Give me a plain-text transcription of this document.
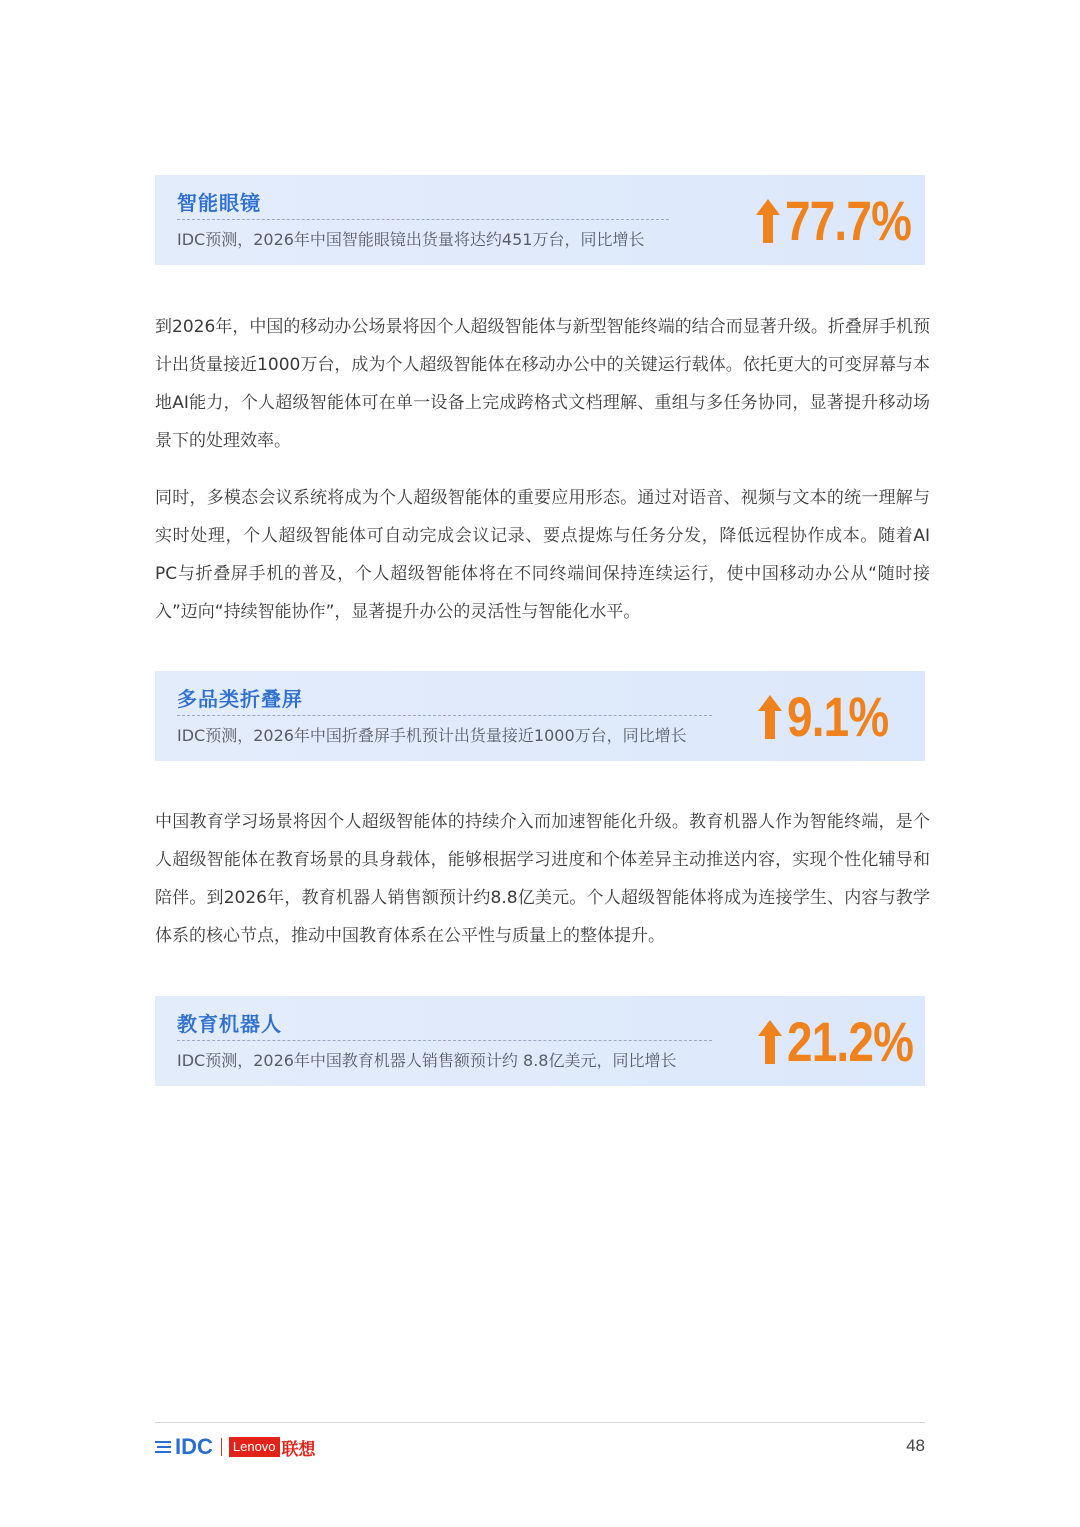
智能眼镜
IDC预测，2026年中国智能眼镜出货量将达约451万台，同比增长	77.7%

到2026年，中国的移动办公场景将因个人超级智能体与新型智能终端的结合而显著升级。折叠屏手机预计出货量接近1000万台，成为个人超级智能体在移动办公中的关键运行载体。依托更大的可变屏幕与本地AI能力，个人超级智能体可在单一设备上完成跨格式文档理解、重组与多任务协同，显著提升移动场景下的处理效率。

同时，多模态会议系统将成为个人超级智能体的重要应用形态。通过对语音、视频与文本的统一理解与实时处理，个人超级智能体可自动完成会议记录、要点提炼与任务分发，降低远程协作成本。随着AI PC与折叠屏手机的普及，个人超级智能体将在不同终端间保持连续运行，使中国移动办公从“随时接入”迈向“持续智能协作”，显著提升办公的灵活性与智能化水平。

多品类折叠屏
IDC预测，2026年中国折叠屏手机预计出货量接近1000万台，同比增长 9.1%

中国教育学习场景将因个人超级智能体的持续介入而加速智能化升级。教育机器人作为智能终端，是个人超级智能体在教育场景的具身载体，能够根据学习进度和个体差异主动推送内容，实现个性化辅导和陪伴。到2026年，教育机器人销售额预计约8.8亿美元。个人超级智能体将成为连接学生、内容与教学体系的核心节点，推动中国教育体系在公平性与质量上的整体提升。

教育机器人
IDC预测，2026年中国教育机器人销售额预计约 8.8亿美元，同比增长 21.2%
IDC	Lenovo 联想	48
